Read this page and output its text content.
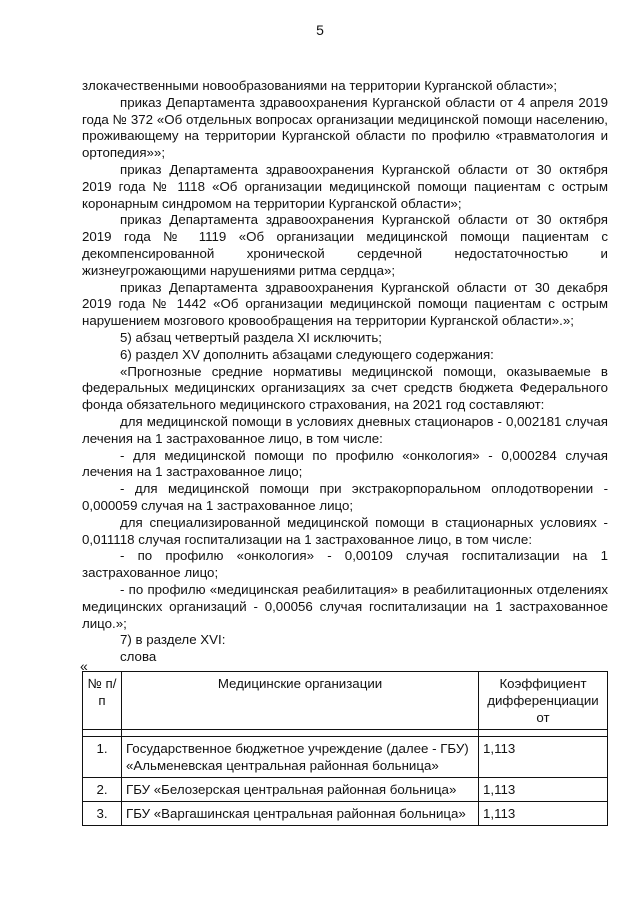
5

злокачественными новообразованиями на территории Курганской области»;

приказ Департамента здравоохранения Курганской области от 4 апреля 2019 года № 372 «Об отдельных вопросах организации медицинской помощи населению, проживающему на территории Курганской области по профилю «травматология и ортопедия»»;

приказ Департамента здравоохранения Курганской области от 30 октября 2019 года № 1118 «Об организации медицинской помощи пациентам с острым коронарным синдромом на территории Курганской области»;

приказ Департамента здравоохранения Курганской области от 30 октября 2019 года № 1119 «Об организации медицинской помощи пациентам с декомпенсированной хронической сердечной недостаточностью и жизнеугрожающими нарушениями ритма сердца»;

приказ Департамента здравоохранения Курганской области от 30 декабря 2019 года № 1442 «Об организации медицинской помощи пациентам с острым нарушением мозгового кровообращения на территории Курганской области».»;

5) абзац четвертый раздела XI исключить;

6) раздел XV дополнить абзацами следующего содержания:

«Прогнозные средние нормативы медицинской помощи, оказываемые в федеральных медицинских организациях за счет средств бюджета Федерального фонда обязательного медицинского страхования, на 2021 год составляют:

для медицинской помощи в условиях дневных стационаров - 0,002181 случая лечения на 1 застрахованное лицо, в том числе:

- для медицинской помощи по профилю «онкология» - 0,000284 случая лечения на 1 застрахованное лицо;

- для медицинской помощи при экстракорпоральном оплодотворении - 0,000059 случая на 1 застрахованное лицо;

для специализированной медицинской помощи в стационарных условиях - 0,011118 случая госпитализации на 1 застрахованное лицо, в том числе:

- по профилю «онкология» - 0,00109 случая госпитализации на 1 застрахованное лицо;

- по профилю «медицинская реабилитация» в реабилитационных отделениях медицинских организаций - 0,00056 случая госпитализации на 1 застрахованное лицо.»;

7) в разделе XVI:

слова

«
№ п/п	Медицинские организации	Коэффициент дифференциации от

1.	Государственное бюджетное учреждение (далее - ГБУ) «Альменевская центральная районная больница»	1,113
2.	ГБУ «Белозерская центральная районная больница»	1,113
3.	ГБУ «Варгашинская центральная районная больница»	1,113
